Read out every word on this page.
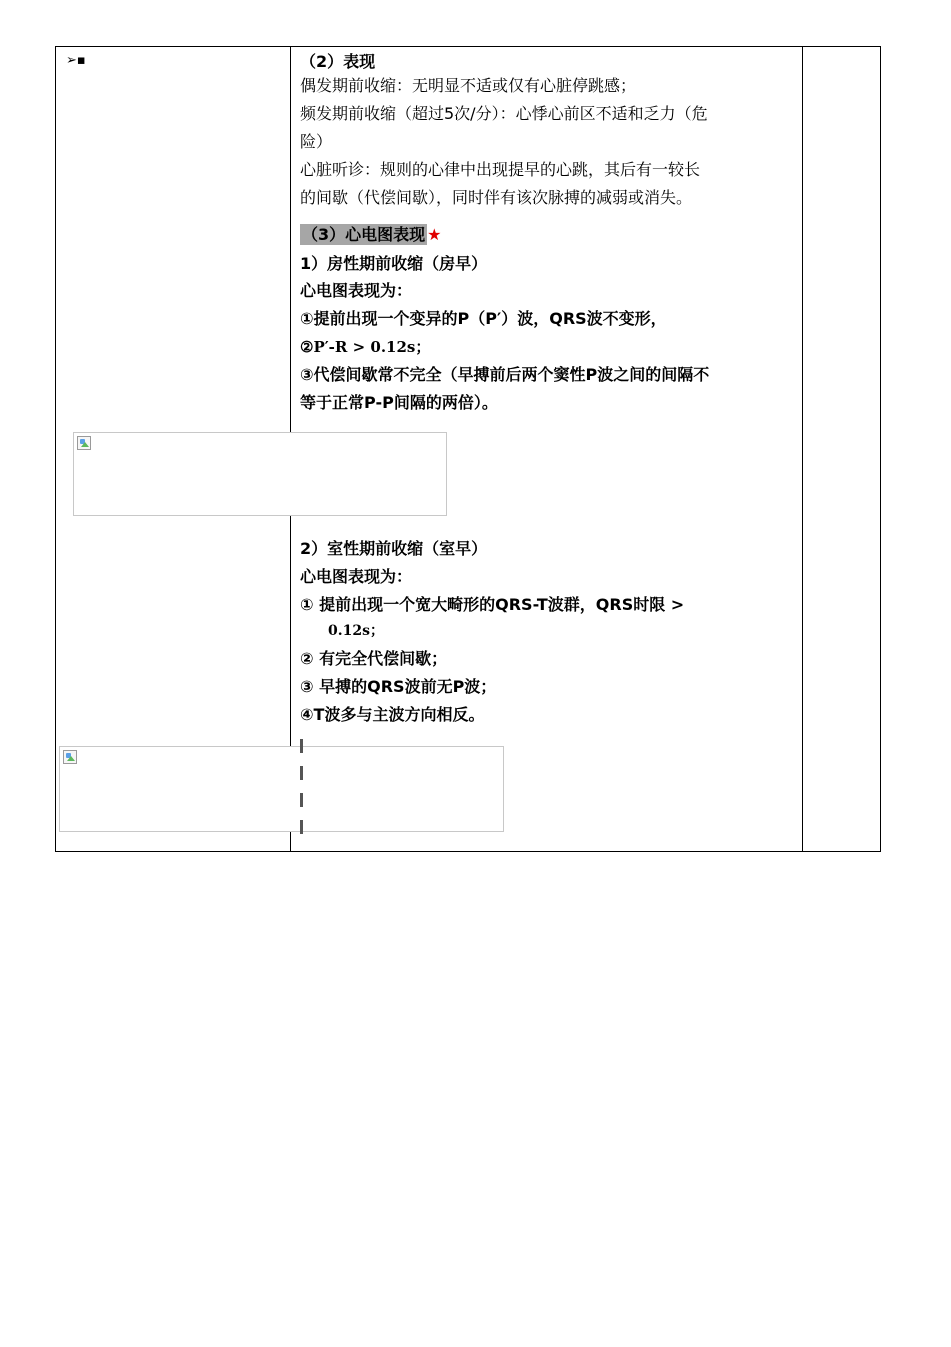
➢▪	（2）表现
偶发期前收缩：无明显不适或仅有心脏停跳感；
频发期前收缩（超过5次/分）：心悸心前区不适和乏力（危
险）
心脏听诊：规则的心律中出现提早的心跳，其后有一较长
的间歇（代偿间歇），同时伴有该次脉搏的减弱或消失。
（3）心电图表现 ★
1）房性期前收缩（房早）
心电图表现为：
①提前出现一个变异的P（P′）波，QRS波不变形，
②P′-R > 0.12s；
③代偿间歇常不完全（早搏前后两个窦性P波之间的间隔不
等于正常P-P间隔的两倍）。
2）室性期前收缩（室早）
心电图表现为：
① 提前出现一个宽大畸形的QRS-T波群，QRS时限 >
0.12s；
② 有完全代偿间歇；
③ 早搏的QRS波前无P波；
④T波多与主波方向相反。
